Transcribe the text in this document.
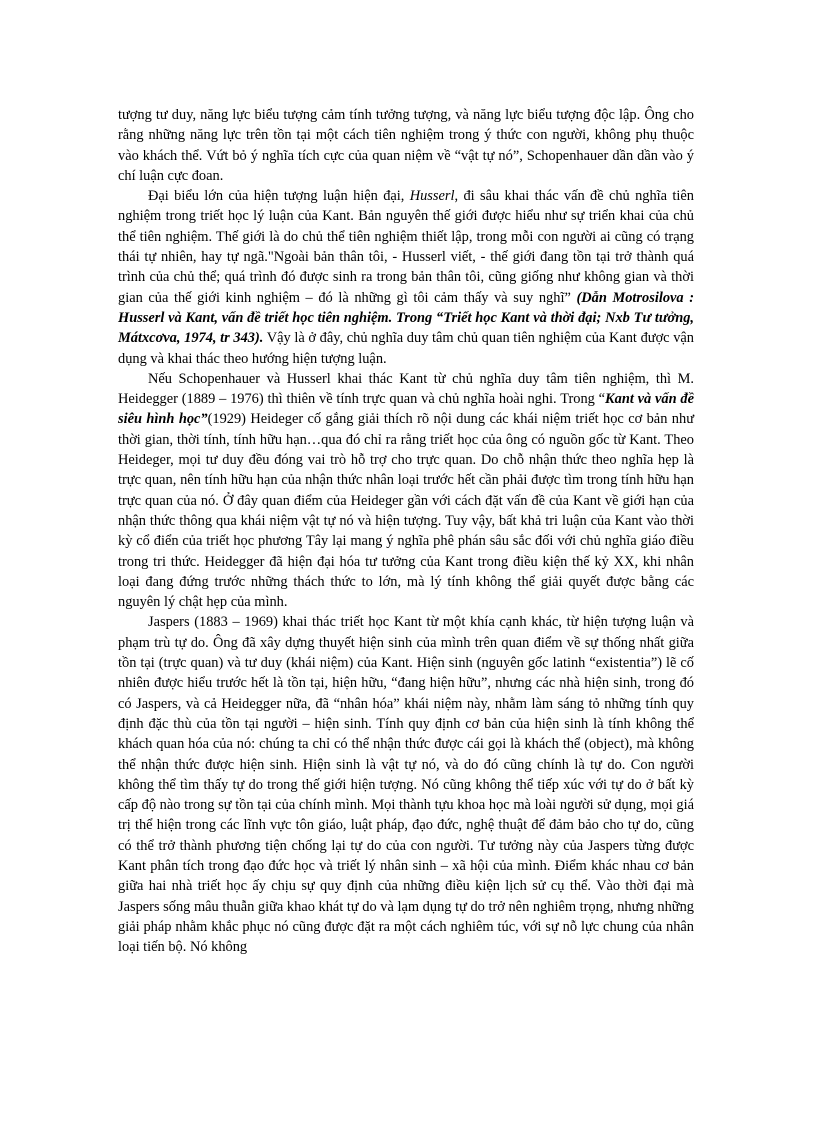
tượng tư duy, năng lực biểu tượng cảm tính tưởng tượng, và năng lực biểu tượng độc lập. Ông cho rằng những năng lực trên tồn tại một cách tiên nghiệm trong ý thức con người, không phụ thuộc vào khách thể. Vứt bỏ ý nghĩa tích cực của quan niệm về “vật tự nó”, Schopenhauer dần dần vào ý chí luận cực đoan.

Đại biểu lớn của hiện tượng luận hiện đại, Husserl, đi sâu khai thác vấn đề chủ nghĩa tiên nghiệm trong triết học lý luận của Kant. Bản nguyên thế giới được hiểu như sự triển khai của chủ thể tiên nghiệm. Thế giới là do chủ thể tiên nghiệm thiết lập, trong mỗi con người ai cũng có trạng thái tự nhiên, hay tự ngã."Ngoài bản thân tôi, - Husserl viết, - thế giới đang tồn tại trở thành quá trình của chủ thể; quá trình đó được sinh ra trong bản thân tôi, cũng giống như không gian và thời gian của thế giới kinh nghiệm – đó là những gì tôi cảm thấy và suy nghĩ” (Dẫn Motrosilova : Husserl và Kant, vấn đề triết học tiên nghiệm. Trong “Triết học Kant và thời đại; Nxb Tư tưởng, Mátxcơva, 1974, tr 343). Vậy là ở đây, chủ nghĩa duy tâm chủ quan tiên nghiệm của Kant được vận dụng và khai thác theo hướng hiện tượng luận.

Nếu Schopenhauer và Husserl khai thác Kant từ chủ nghĩa duy tâm tiên nghiệm, thì M. Heidegger (1889 – 1976) thì thiên về tính trực quan và chủ nghĩa hoài nghi. Trong “Kant và vấn đề siêu hình học”(1929) Heideger cố gắng giải thích rõ nội dung các khái niệm triết học cơ bản như thời gian, thời tính, tính hữu hạn…qua đó chỉ ra rằng triết học của ông có nguồn gốc từ Kant. Theo Heideger, mọi tư duy đều đóng vai trò hỗ trợ cho trực quan. Do chỗ nhận thức theo nghĩa hẹp là trực quan, nên tính hữu hạn của nhận thức nhân loại trước hết cần phải được tìm trong tính hữu hạn trực quan của nó. Ở đây quan điểm của Heideger gần với cách đặt vấn đề của Kant về giới hạn của nhận thức thông qua khái niệm vật tự nó và hiện tượng. Tuy vậy, bất khả tri luận của Kant vào thời kỳ cổ điển của triết học phương Tây lại mang ý nghĩa phê phán sâu sắc đối với chủ nghĩa giáo điều trong tri thức. Heidegger đã hiện đại hóa tư tưởng của Kant trong điều kiện thế kỷ XX, khi nhân loại đang đứng trước những thách thức to lớn, mà lý tính không thể giải quyết được bằng các nguyên lý chật hẹp của mình.

Jaspers (1883 – 1969) khai thác triết học Kant từ một khía cạnh khác, từ hiện tượng luận và phạm trù tự do. Ông đã xây dựng thuyết hiện sinh của mình trên quan điểm về sự thống nhất giữa tồn tại (trực quan) và tư duy (khái niệm) của Kant. Hiện sinh (nguyên gốc latinh “existentia”) lẽ cố nhiên được hiểu trước hết là tồn tại, hiện hữu, “đang hiện hữu”, nhưng các nhà hiện sinh, trong đó có Jaspers, và cả Heidegger nữa, đã “nhân hóa” khái niệm này, nhằm làm sáng tỏ những tính quy định đặc thù của tồn tại người – hiện sinh. Tính quy định cơ bản của hiện sinh là tính không thể khách quan hóa của nó: chúng ta chỉ có thể nhận thức được cái gọi là khách thể (object), mà không thể nhận thức được hiện sinh. Hiện sinh là vật tự nó, và do đó cũng chính là tự do. Con người không thể tìm thấy tự do trong thế giới hiện tượng. Nó cũng không thể tiếp xúc với tự do ở bất kỳ cấp độ nào trong sự tồn tại của chính mình. Mọi thành tựu khoa học mà loài người sử dụng, mọi giá trị thể hiện trong các lĩnh vực tôn giáo, luật pháp, đạo đức, nghệ thuật để đảm bảo cho tự do, cũng có thể trở thành phương tiện chống lại tự do của con người. Tư tưởng này của Jaspers từng được Kant phân tích trong đạo đức học và triết lý nhân sinh – xã hội của mình. Điểm khác nhau cơ bản giữa hai nhà triết học ấy chịu sự quy định của những điều kiện lịch sử cụ thể. Vào thời đại mà Jaspers sống mâu thuẫn giữa khao khát tự do và lạm dụng tự do trở nên nghiêm trọng, nhưng những giải pháp nhằm khắc phục nó cũng được đặt ra một cách nghiêm túc, với sự nỗ lực chung của nhân loại tiến bộ. Nó không
